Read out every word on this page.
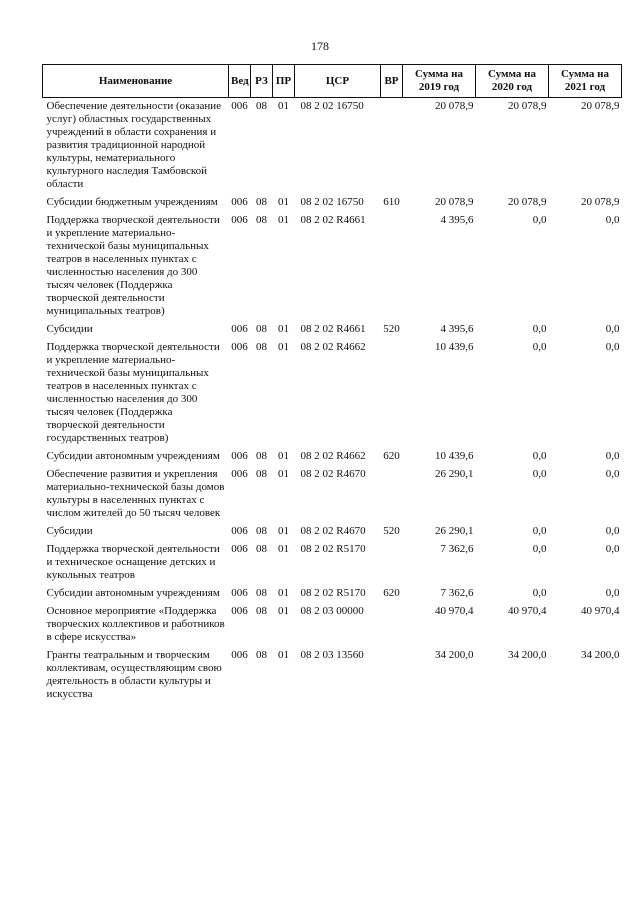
178
Наименование	Вед	РЗ	ПР	ЦСР	ВР	Сумма на 2019 год	Сумма на 2020 год	Сумма на 2021 год
Обеспечение деятельности (оказание услуг) областных государственных учреждений в области сохранения и развития традиционной народной культуры, нематериального культурного наследия Тамбовской области	006	08	01	08 2 02 16750		20 078,9	20 078,9	20 078,9
Субсидии бюджетным учреждениям	006	08	01	08 2 02 16750	610	20 078,9	20 078,9	20 078,9
Поддержка творческой деятельности и укрепление материально-технической базы муниципальных театров в населенных пунктах с численностью населения до 300 тысяч человек (Поддержка творческой деятельности муниципальных театров)	006	08	01	08 2 02 R4661		4 395,6	0,0	0,0
Субсидии	006	08	01	08 2 02 R4661	520	4 395,6	0,0	0,0
Поддержка творческой деятельности и укрепление материально-технической базы муниципальных театров в населенных пунктах с численностью населения до 300 тысяч человек (Поддержка творческой деятельности государственных театров)	006	08	01	08 2 02 R4662		10 439,6	0,0	0,0
Субсидии автономным учреждениям	006	08	01	08 2 02 R4662	620	10 439,6	0,0	0,0
Обеспечение развития и укрепления материально-технической базы домов культуры в населенных пунктах с числом жителей до 50 тысяч человек	006	08	01	08 2 02 R4670		26 290,1	0,0	0,0
Субсидии	006	08	01	08 2 02 R4670	520	26 290,1	0,0	0,0
Поддержка творческой деятельности и техническое оснащение детских и кукольных театров	006	08	01	08 2 02 R5170		7 362,6	0,0	0,0
Субсидии автономным учреждениям	006	08	01	08 2 02 R5170	620	7 362,6	0,0	0,0
Основное мероприятие «Поддержка творческих коллективов и работников в сфере искусства»	006	08	01	08 2 03 00000		40 970,4	40 970,4	40 970,4
Гранты театральным и творческим коллективам, осуществляющим свою деятельность в области культуры и искусства	006	08	01	08 2 03 13560		34 200,0	34 200,0	34 200,0
